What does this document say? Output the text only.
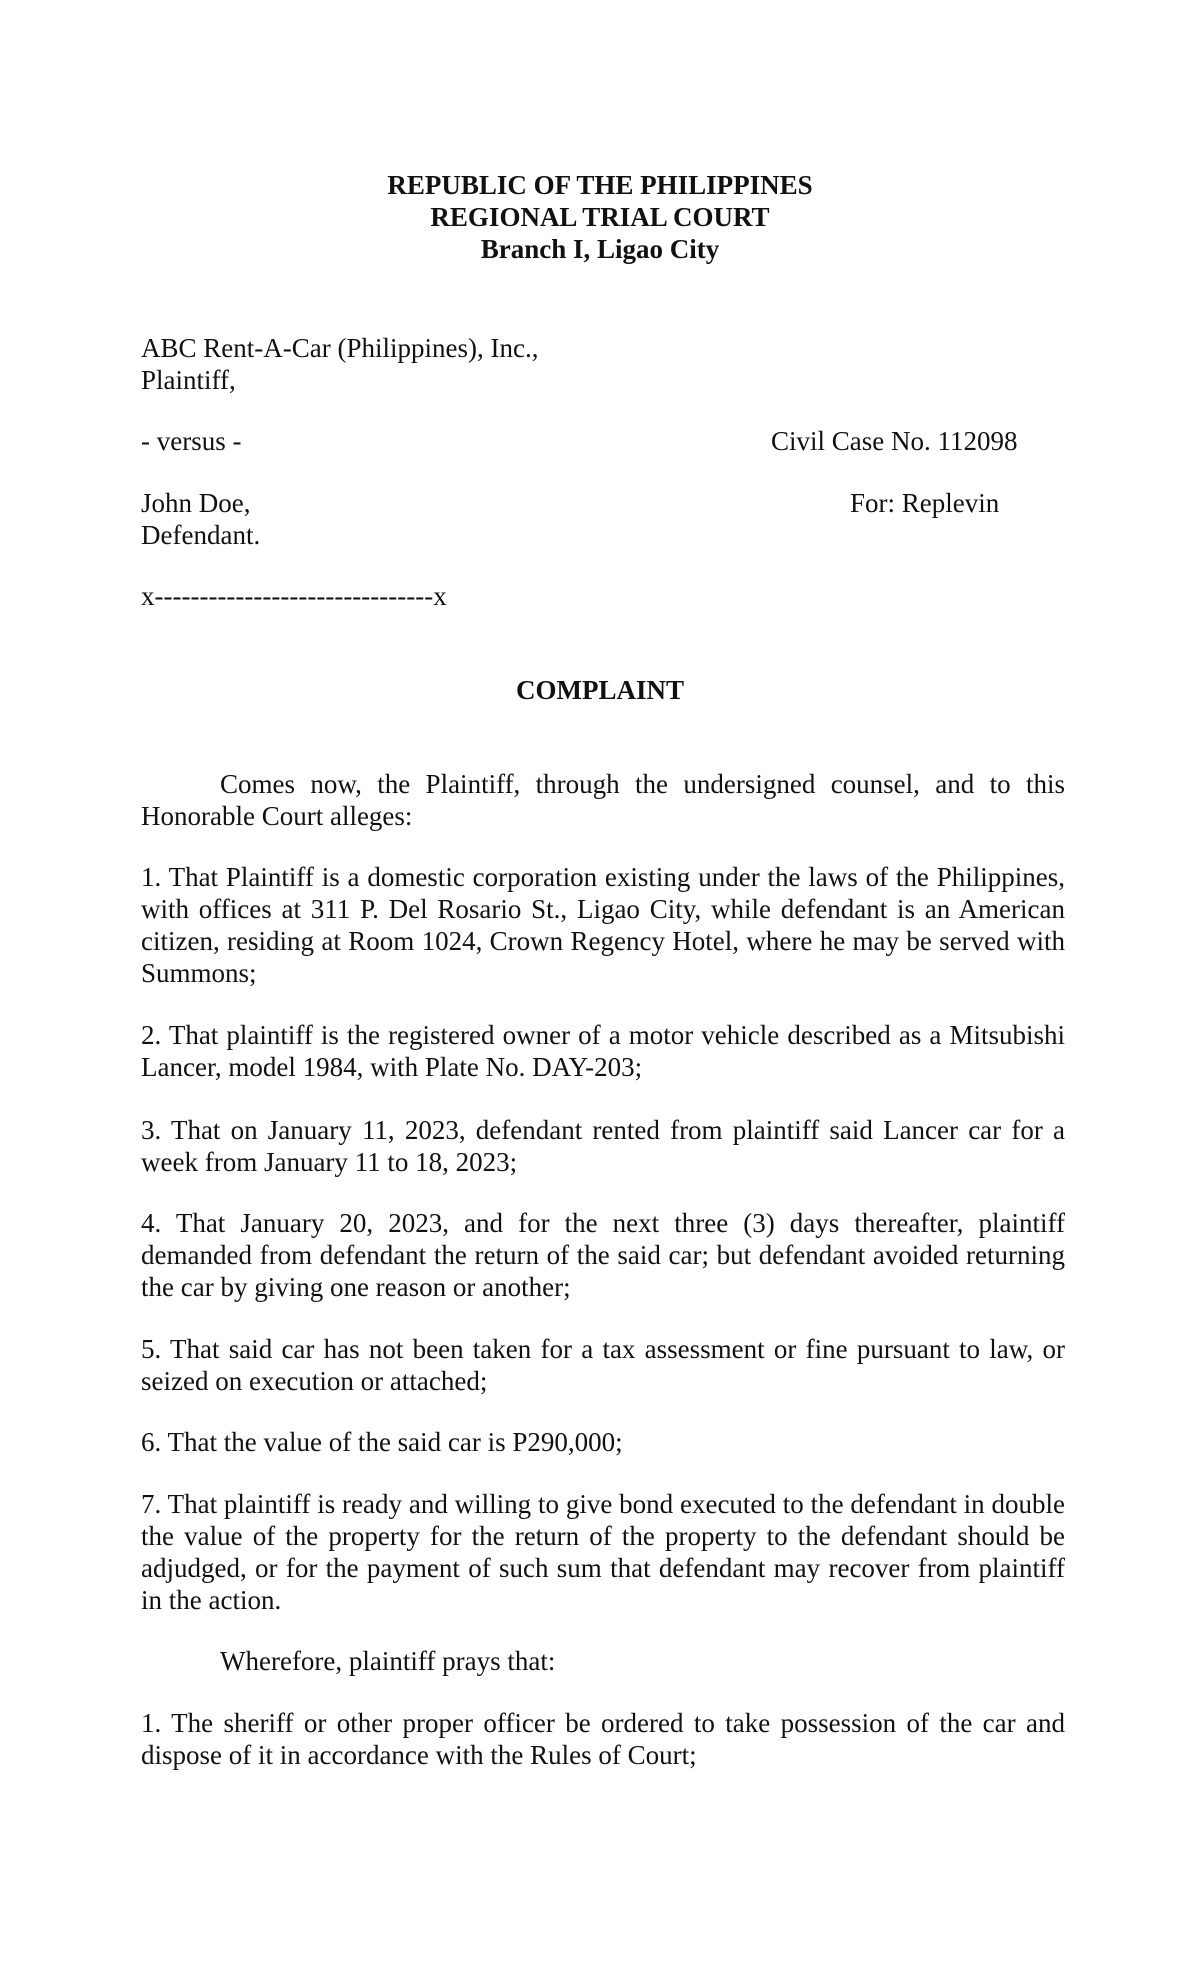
REPUBLIC OF THE PHILIPPINES
REGIONAL TRIAL COURT
Branch I, Ligao City
ABC Rent-A-Car (Philippines), Inc.,
Plaintiff,
- versus -	Civil Case No. 112098
John Doe,	For: Replevin
Defendant.
x-------------------------------x
COMPLAINT
Comes now, the Plaintiff, through the undersigned counsel, and to this Honorable Court alleges:
1. That Plaintiff is a domestic corporation existing under the laws of the Philippines, with offices at 311 P. Del Rosario St., Ligao City, while defendant is an American citizen, residing at Room 1024, Crown Regency Hotel, where he may be served with Summons;
2. That plaintiff is the registered owner of a motor vehicle described as a Mitsubishi Lancer, model 1984, with Plate No. DAY-203;
3. That on January 11, 2023, defendant rented from plaintiff said Lancer car for a week from January 11 to 18, 2023;
4. That January 20, 2023, and for the next three (3) days thereafter, plaintiff demanded from defendant the return of the said car; but defendant avoided returning the car by giving one reason or another;
5. That said car has not been taken for a tax assessment or fine pursuant to law, or seized on execution or attached;
6. That the value of the said car is P290,000;
7. That plaintiff is ready and willing to give bond executed to the defendant in double the value of the property for the return of the property to the defendant should be adjudged, or for the payment of such sum that defendant may recover from plaintiff in the action.
Wherefore, plaintiff prays that:
1. The sheriff or other proper officer be ordered to take possession of the car and dispose of it in accordance with the Rules of Court;
